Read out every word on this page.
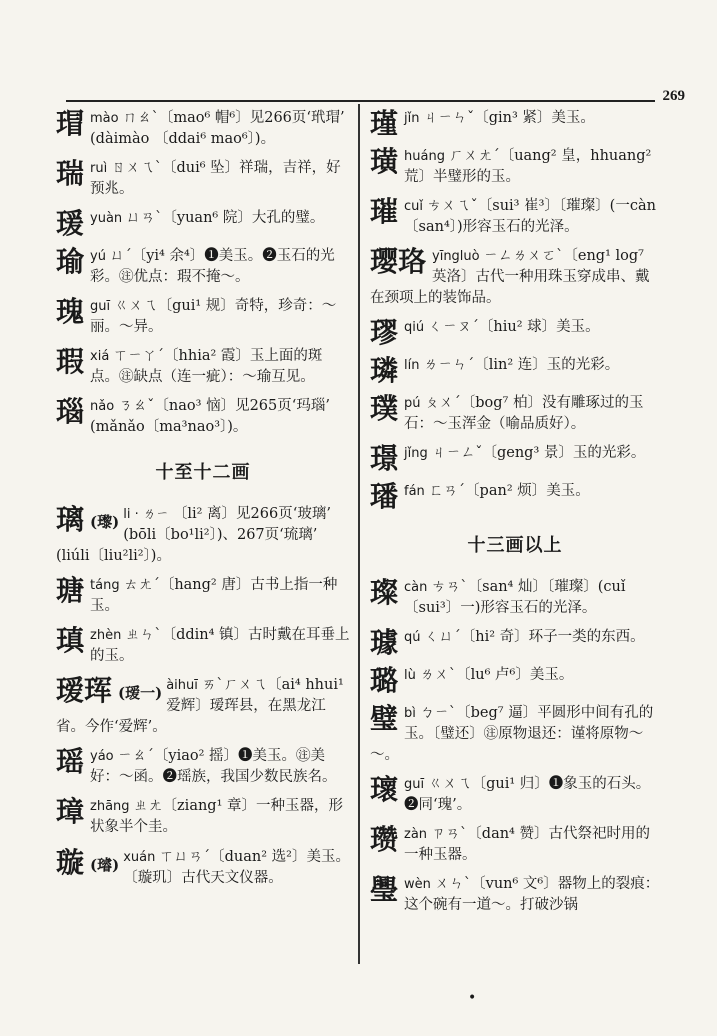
269
瑁mào ㄇㄠˋ〔mao⁶ 帽⁶〕见266页‘玳瑁’ (dàimào 〔ddai⁶ mao⁶〕)。
瑞ruì ㄖㄨㄟˋ〔dui⁶ 坠〕祥瑞，吉祥，好预兆。
瑗yuàn ㄩㄢˋ〔yuan⁶ 院〕大孔的璧。
瑜yú ㄩˊ〔yi⁴ 余⁴〕❶美玉。❷玉石的光彩。㊟优点：瑕不掩～。
瑰guī ㄍㄨㄟ〔gui¹ 规〕奇特，珍奇：～丽。～异。
瑕xiá ㄒㄧㄚˊ〔hhia² 霞〕玉上面的斑点。㊟缺点（连一疵）：～瑜互见。
瑙nǎo ㄋㄠˇ〔nao³ 恼〕见265页‘玛瑙’ (mǎnǎo〔ma³nao³〕)。
十至十二画
璃 (瓈) li · ㄌㄧ 〔li² 离〕见266页‘玻璃’ (bōli〔bo¹li²〕)、267页‘琉璃’ (liúli〔liu²li²〕)。
瑭táng ㄊㄤˊ〔hang² 唐〕古书上指一种玉。
瑱zhèn ㄓㄣˋ〔ddin⁴ 镇〕古时戴在耳垂上的玉。
瑷珲 (瑷一) àihuī ㄞˋㄏㄨㄟ〔ai⁴ hhui¹ 爱辉〕瑷珲县，在黑龙江省。今作‘爱辉’。
瑶yáo ㄧㄠˊ〔yiao² 摇〕❶美玉。㊟美好：～函。❷瑶族，我国少数民族名。
璋zhāng ㄓㄤ〔ziang¹ 章〕一种玉器，形状象半个圭。
璇 (璿) xuán ㄒㄩㄢˊ〔duan² 选²〕美玉。〔璇玑〕古代天文仪器。
瑾jǐn ㄐㄧㄣˇ〔gin³ 紧〕美玉。
璜huáng ㄏㄨㄤˊ〔uang² 皇，hhuang² 荒〕半璧形的玉。
璀cuǐ ㄘㄨㄟˇ〔sui³ 崔³〕〔璀璨〕(一càn〔san⁴〕)形容玉石的光泽。
璎珞 yīngluò ㄧㄥㄌㄨㄛˋ〔eng¹ log⁷ 英洛〕古代一种用珠玉穿成串、戴在颈项上的装饰品。
璆qiú ㄑㄧㄡˊ〔hiu² 球〕美玉。
璘lín ㄌㄧㄣˊ〔lin² 连〕玉的光彩。
璞pú ㄆㄨˊ〔bog⁷ 柏〕没有雕琢过的玉石：～玉浑金（喻品质好）。
璟jǐng ㄐㄧㄥˇ〔geng³ 景〕玉的光彩。
璠fán ㄈㄢˊ〔pan² 烦〕美玉。
十三画以上
璨càn ㄘㄢˋ〔san⁴ 灿〕〔璀璨〕(cuǐ〔sui³〕一)形容玉石的光泽。
璩qú ㄑㄩˊ〔hi² 奇〕环子一类的东西。
璐lù ㄌㄨˋ〔lu⁶ 卢⁶〕美玉。
璧bì ㄅㄧˋ〔beg⁷ 逼〕平圆形中间有孔的玉。〔璧还〕㊟原物退还：谨将原物～～。
瓌guī ㄍㄨㄟ〔gui¹ 归〕❶象玉的石头。❷同‘瑰’。
瓒zàn ㄗㄢˋ〔dan⁴ 赞〕古代祭祀时用的一种玉器。
璺wèn ㄨㄣˋ〔vun⁶ 文⁶〕器物上的裂痕：这个碗有一道～。打破沙锅
•
